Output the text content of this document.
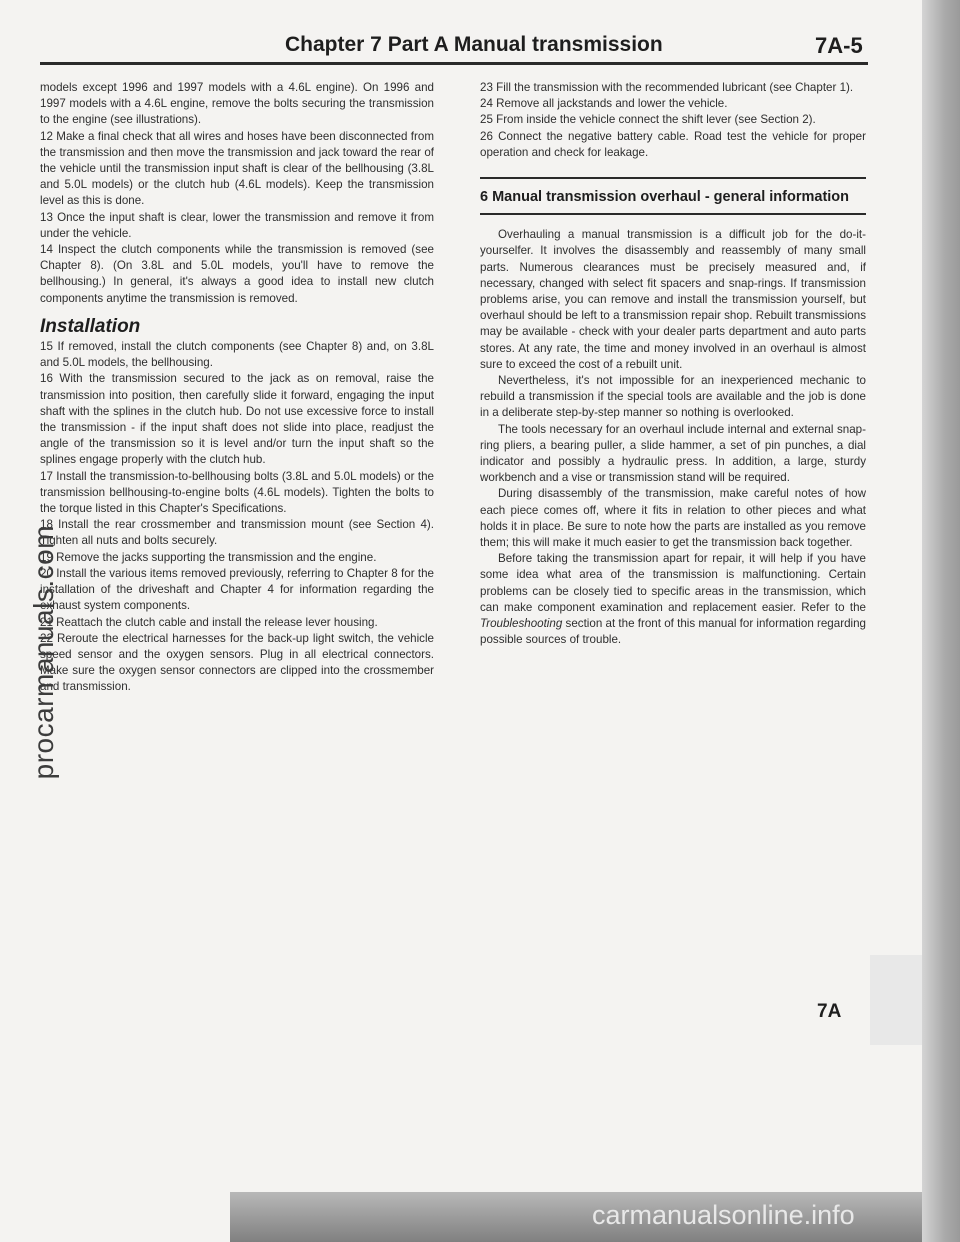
Chapter 7 Part A Manual transmission	7A-5

models except 1996 and 1997 models with a 4.6L engine). On 1996 and 1997 models with a 4.6L engine, remove the bolts securing the transmission to the engine (see illustrations).

12 Make a final check that all wires and hoses have been disconnected from the transmission and then move the transmission and jack toward the rear of the vehicle until the transmission input shaft is clear of the bellhousing (3.8L and 5.0L models) or the clutch hub (4.6L models). Keep the transmission level as this is done.

13 Once the input shaft is clear, lower the transmission and remove it from under the vehicle.

14 Inspect the clutch components while the transmission is removed (see Chapter 8). (On 3.8L and 5.0L models, you'll have to remove the bellhousing.) In general, it's always a good idea to install new clutch components anytime the transmission is removed.

Installation

15 If removed, install the clutch components (see Chapter 8) and, on 3.8L and 5.0L models, the bellhousing.

16 With the transmission secured to the jack as on removal, raise the transmission into position, then carefully slide it forward, engaging the input shaft with the splines in the clutch hub. Do not use excessive force to install the transmission - if the input shaft does not slide into place, readjust the angle of the transmission so it is level and/or turn the input shaft so the splines engage properly with the clutch hub.

17 Install the transmission-to-bellhousing bolts (3.8L and 5.0L models) or the transmission bellhousing-to-engine bolts (4.6L models). Tighten the bolts to the torque listed in this Chapter's Specifications.

18 Install the rear crossmember and transmission mount (see Section 4). Tighten all nuts and bolts securely.

19 Remove the jacks supporting the transmission and the engine.

20 Install the various items removed previously, referring to Chapter 8 for the installation of the driveshaft and Chapter 4 for information regarding the exhaust system components.

21 Reattach the clutch cable and install the release lever housing.

22 Reroute the electrical harnesses for the back-up light switch, the vehicle speed sensor and the oxygen sensors. Plug in all electrical connectors. Make sure the oxygen sensor connectors are clipped into the crossmember and transmission.

23 Fill the transmission with the recommended lubricant (see Chapter 1).

24 Remove all jackstands and lower the vehicle.

25 From inside the vehicle connect the shift lever (see Section 2).

26 Connect the negative battery cable. Road test the vehicle for proper operation and check for leakage.

6 Manual transmission overhaul - general information

Overhauling a manual transmission is a difficult job for the do-it-yourselfer. It involves the disassembly and reassembly of many small parts. Numerous clearances must be precisely measured and, if necessary, changed with select fit spacers and snap-rings. If transmission problems arise, you can remove and install the transmission yourself, but overhaul should be left to a transmission repair shop. Rebuilt transmissions may be available - check with your dealer parts department and auto parts stores. At any rate, the time and money involved in an overhaul is almost sure to exceed the cost of a rebuilt unit.

Nevertheless, it's not impossible for an inexperienced mechanic to rebuild a transmission if the special tools are available and the job is done in a deliberate step-by-step manner so nothing is overlooked.

The tools necessary for an overhaul include internal and external snap-ring pliers, a bearing puller, a slide hammer, a set of pin punches, a dial indicator and possibly a hydraulic press. In addition, a large, sturdy workbench and a vise or transmission stand will be required.

During disassembly of the transmission, make careful notes of how each piece comes off, where it fits in relation to other pieces and what holds it in place. Be sure to note how the parts are installed as you remove them; this will make it much easier to get the transmission back together.

Before taking the transmission apart for repair, it will help if you have some idea what area of the transmission is malfunctioning. Certain problems can be closely tied to specific areas in the transmission, which can make component examination and replacement easier. Refer to the Troubleshooting section at the front of this manual for information regarding possible sources of trouble.

7A
procarmanuals.com
carmanualsonline.info
